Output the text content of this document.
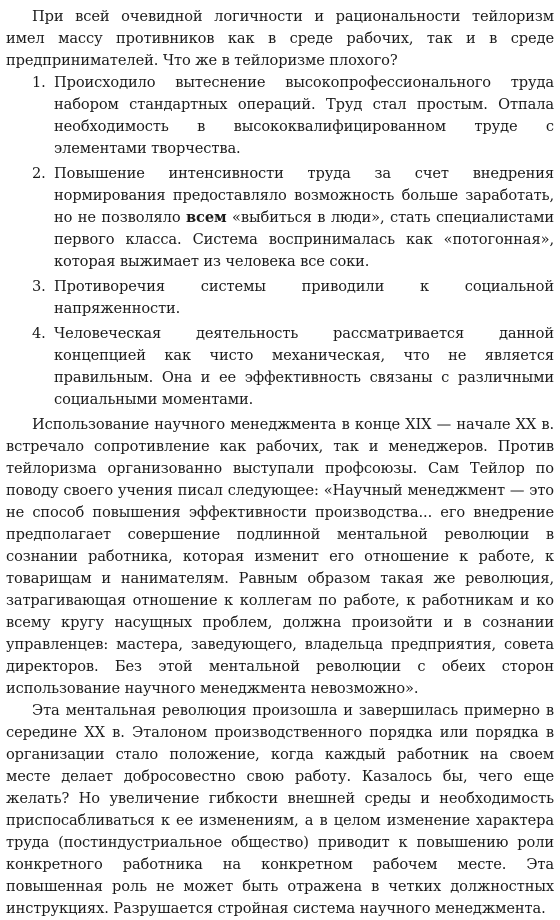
При всей очевидной логичности и рациональности тейлоризм имел массу противников как в среде рабочих, так и в среде предпринимателей. Что же в тейлоризме плохого?

1. Происходило вытеснение высокопрофессионального труда набором стандартных операций. Труд стал простым. Отпала необходимость в высококвалифицированном труде с элементами творчества.
2. Повышение интенсивности труда за счет внедрения нормирования предоставляло возможность больше заработать, но не позволяло всем «выбиться в люди», стать специалистами первого класса. Система воспринималась как «потогонная», которая выжимает из человека все соки.
3. Противоречия системы приводили к социальной напряженности.
4. Человеческая деятельность рассматривается данной концепцией как чисто механическая, что не является правильным. Она и ее эффективность связаны с различными социальными моментами.

Использование научного менеджмента в конце XIX — начале XX в. встречало сопротивление как рабочих, так и менеджеров. Против тейлоризма организованно выступали профсоюзы. Сам Тейлор по поводу своего учения писал следующее: «Научный менеджмент — это не способ повышения эффективности производства... его внедрение предполагает совершение подлинной ментальной революции в сознании работника, которая изменит его отношение к работе, к товарищам и нанимателям. Равным образом такая же революция, затрагивающая отношение к коллегам по работе, к работникам и ко всему кругу насущных проблем, должна произойти и в сознании управленцев: мастера, заведующего, владельца предприятия, совета директоров. Без этой ментальной революции с обеих сторон использование научного менеджмента невозможно».

Эта ментальная революция произошла и завершилась примерно в середине XX в. Эталоном производственного порядка или порядка в организации стало положение, когда каждый работник на своем месте делает добросовестно свою работу. Казалось бы, чего еще желать? Но увеличение гибкости внешней среды и необходимость приспосабливаться к ее изменениям, а в целом изменение характера труда (постиндустриальное общество) приводит к повышению роли конкретного работника на конкретном рабочем месте. Эта повышенная роль не может быть отражена в четких должностных инструкциях. Разрушается стройная система научного менеджмента.
